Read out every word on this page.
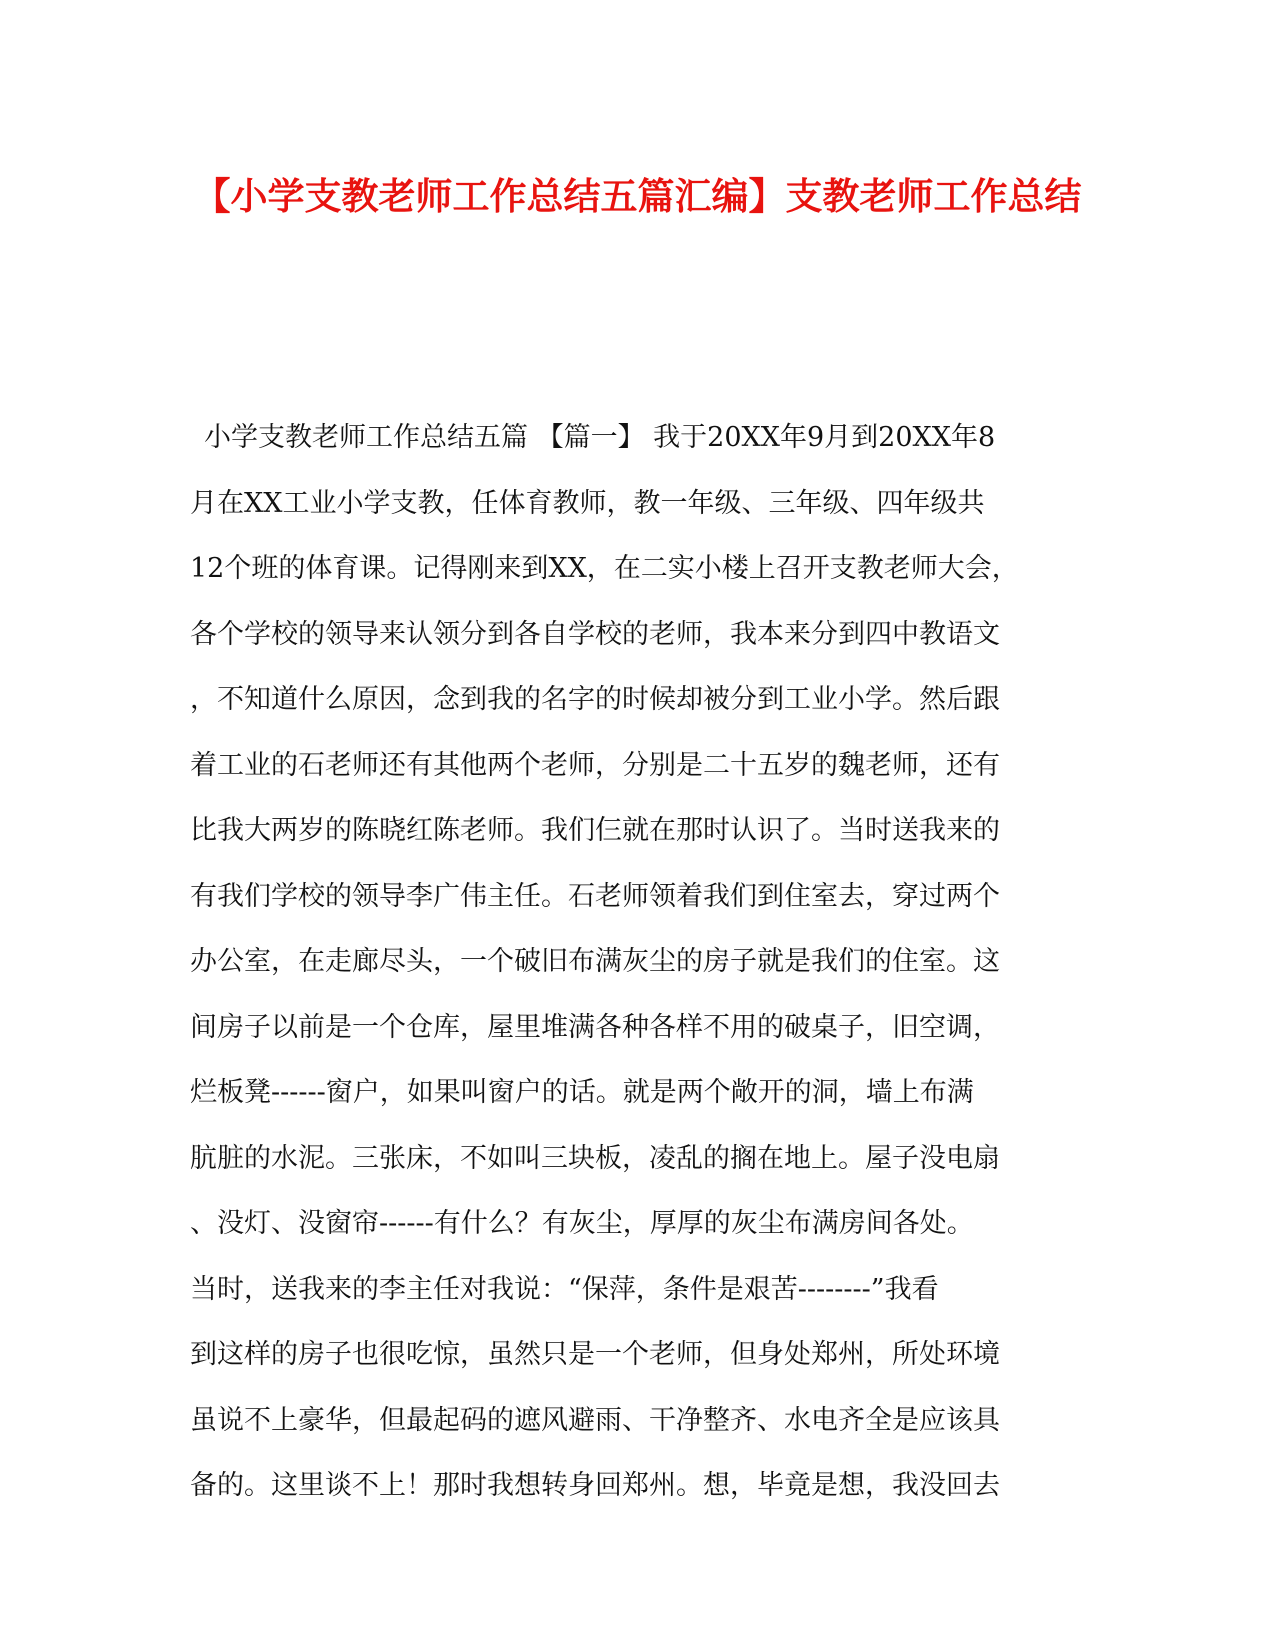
【小学支教老师工作总结五篇汇编】支教老师工作总结
小学支教老师工作总结五篇 【篇一】 我于20XX年9月到20XX年8
月在XX工业小学支教，任体育教师，教一年级、三年级、四年级共
12个班的体育课。记得刚来到XX，在二实小楼上召开支教老师大会，
各个学校的领导来认领分到各自学校的老师，我本来分到四中教语文
，不知道什么原因，念到我的名字的时候却被分到工业小学。然后跟
着工业的石老师还有其他两个老师，分别是二十五岁的魏老师，还有
比我大两岁的陈晓红陈老师。我们仨就在那时认识了。当时送我来的
有我们学校的领导李广伟主任。石老师领着我们到住室去，穿过两个
办公室，在走廊尽头，一个破旧布满灰尘的房子就是我们的住室。这
间房子以前是一个仓库，屋里堆满各种各样不用的破桌子，旧空调，
烂板凳------窗户，如果叫窗户的话。就是两个敞开的洞，墙上布满
肮脏的水泥。三张床，不如叫三块板，凌乱的搁在地上。屋子没电扇
、没灯、没窗帘------有什么？有灰尘，厚厚的灰尘布满房间各处。
当时，送我来的李主任对我说：“保萍，条件是艰苦--------”我看
到这样的房子也很吃惊，虽然只是一个老师，但身处郑州，所处环境
虽说不上豪华，但最起码的遮风避雨、干净整齐、水电齐全是应该具
备的。这里谈不上！那时我想转身回郑州。想，毕竟是想，我没回去
